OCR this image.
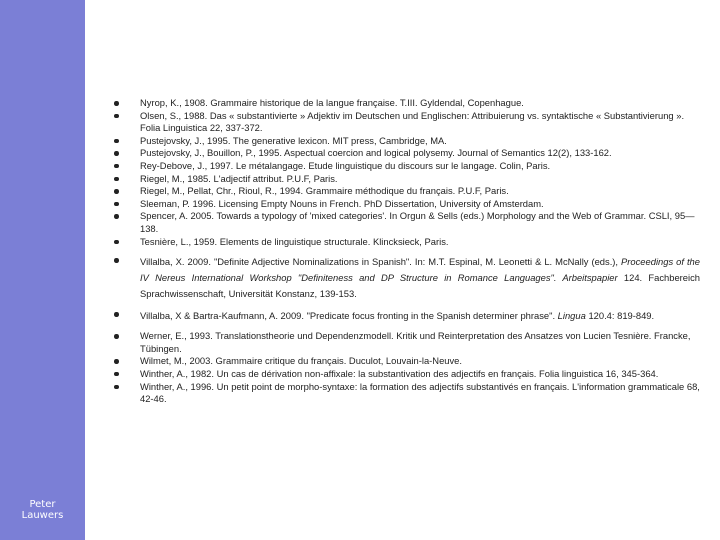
Peter
Lauwers
Nyrop, K., 1908. Grammaire historique de la langue française. T.III. Gyldendal, Copenhague.
Olsen, S., 1988. Das « substantivierte » Adjektiv im Deutschen und Englischen: Attribuierung vs. syntaktische « Substantivierung ». Folia Linguistica 22, 337-372.
Pustejovsky, J., 1995. The generative lexicon. MIT press, Cambridge, MA.
Pustejovsky, J., Bouillon, P., 1995. Aspectual coercion and logical polysemy. Journal of Semantics 12(2), 133-162.
Rey-Debove, J., 1997. Le métalangage. Etude linguistique du discours sur le langage. Colin, Paris.
Riegel, M., 1985. L'adjectif attribut. P.U.F, Paris.
Riegel, M., Pellat, Chr., Rioul, R., 1994. Grammaire méthodique du français. P.U.F, Paris.
Sleeman, P. 1996. Licensing Empty Nouns in French. PhD Dissertation, University of Amsterdam.
Spencer, A. 2005. Towards a typology of 'mixed categories'. In Orgun & Sells (eds.) Morphology and the Web of Grammar. CSLI, 95—138.
Tesnière, L., 1959. Elements de linguistique structurale. Klincksieck, Paris.
Villalba, X. 2009. "Definite Adjective Nominalizations in Spanish". In: M.T. Espinal, M. Leonetti & L. McNally (eds.), Proceedings of the IV Nereus International Workshop "Definiteness and DP Structure in Romance Languages". Arbeitspapier 124. Fachbereich Sprachwissenschaft, Universität Konstanz, 139-153.
Villalba, X & Bartra-Kaufmann, A. 2009. "Predicate focus fronting in the Spanish determiner phrase". Lingua 120.4: 819-849.
Werner, E., 1993. Translationstheorie und Dependenzmodell. Kritik und Reinterpretation des Ansatzes von Lucien Tesnière. Francke, Tübingen.
Wilmet, M., 2003. Grammaire critique du français. Duculot, Louvain-la-Neuve.
Winther, A., 1982. Un cas de dérivation non-affixale: la substantivation des adjectifs en français. Folia linguistica 16, 345-364.
Winther, A., 1996. Un petit point de morpho-syntaxe: la formation des adjectifs substantivés en français. L'information grammaticale 68, 42-46.
